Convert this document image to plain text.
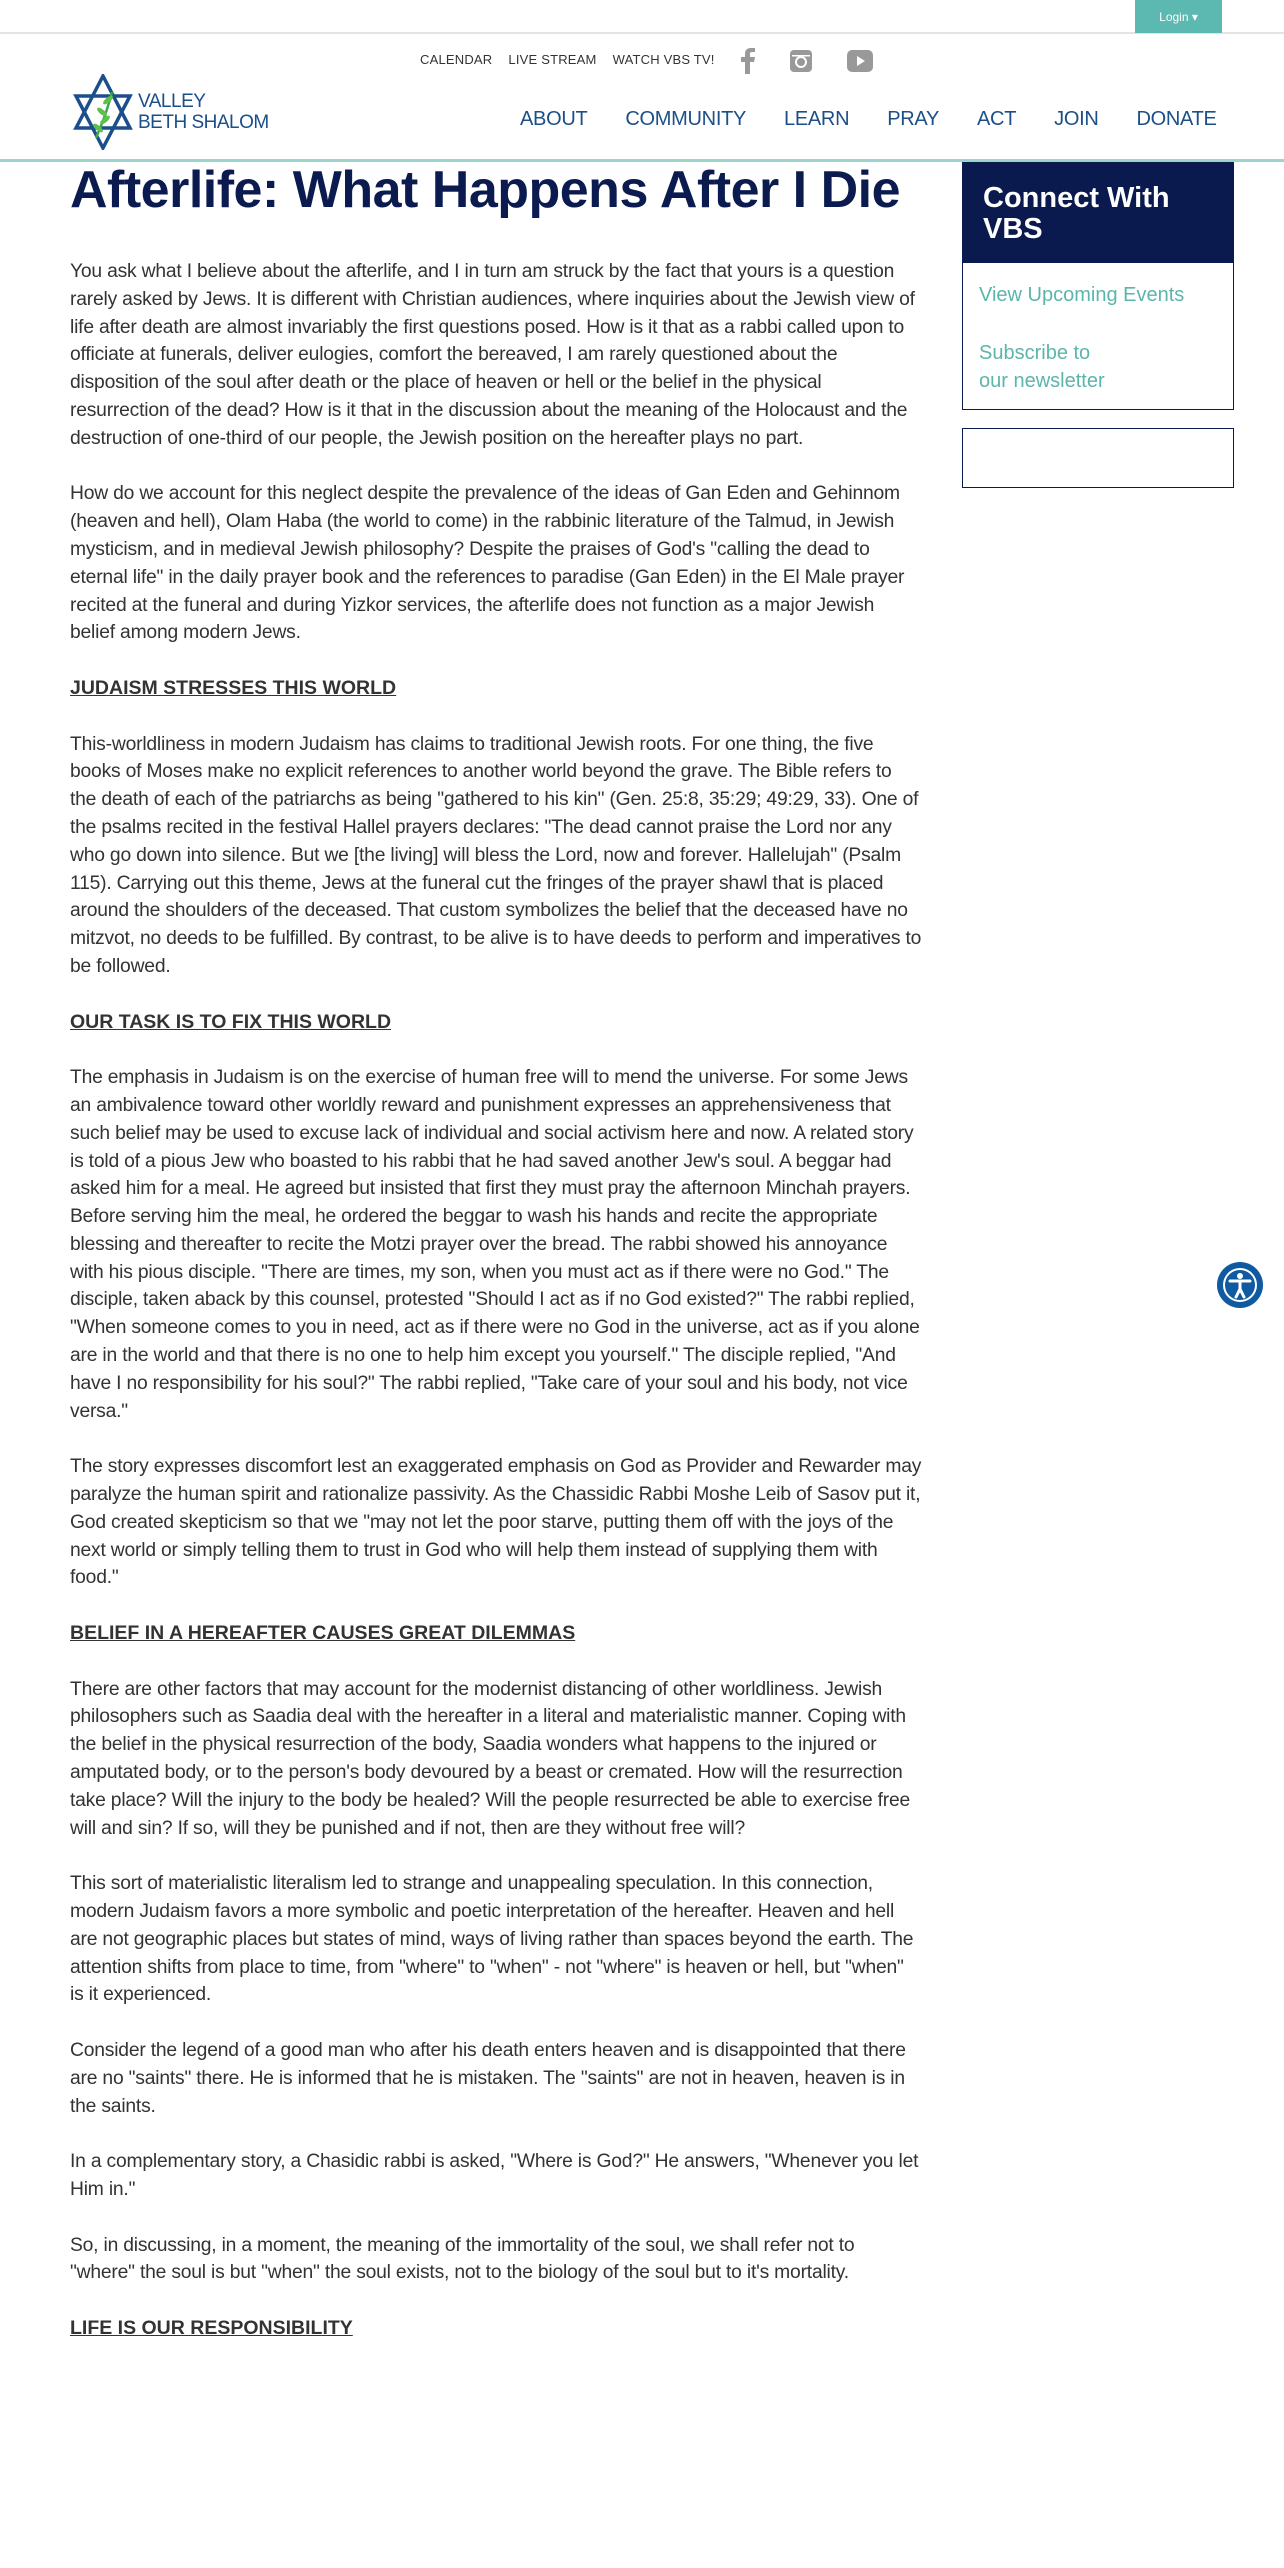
Login ▾
CALENDAR LIVE STREAM WATCH VBS TV!
VALLEY
BETH SHALOM	ABOUT COMMUNITY LEARN PRAY ACT JOIN DONATE
Afterlife: What Happens After I Die

You ask what I believe about the afterlife, and I in turn am struck by the fact that yours is a question rarely asked by Jews. It is different with Christian audiences, where inquiries about the Jewish view of life after death are almost invariably the first questions posed. How is it that as a rabbi called upon to officiate at funerals, deliver eulogies, comfort the bereaved, I am rarely questioned about the disposition of the soul after death or the place of heaven or hell or the belief in the physical resurrection of the dead? How is it that in the discussion about the meaning of the Holocaust and the destruction of one-third of our people, the Jewish position on the hereafter plays no part.

How do we account for this neglect despite the prevalence of the ideas of Gan Eden and Gehinnom (heaven and hell), Olam Haba (the world to come) in the rabbinic literature of the Talmud, in Jewish mysticism, and in medieval Jewish philosophy? Despite the praises of God's "calling the dead to eternal life" in the daily prayer book and the references to paradise (Gan Eden) in the El Male prayer recited at the funeral and during Yizkor services, the afterlife does not function as a major Jewish belief among modern Jews.

JUDAISM STRESSES THIS WORLD

This-worldliness in modern Judaism has claims to traditional Jewish roots. For one thing, the five books of Moses make no explicit references to another world beyond the grave. The Bible refers to the death of each of the patriarchs as being "gathered to his kin" (Gen. 25:8, 35:29; 49:29, 33). One of the psalms recited in the festival Hallel prayers declares: "The dead cannot praise the Lord nor any who go down into silence. But we [the living] will bless the Lord, now and forever. Hallelujah" (Psalm 115). Carrying out this theme, Jews at the funeral cut the fringes of the prayer shawl that is placed around the shoulders of the deceased. That custom symbolizes the belief that the deceased have no mitzvot, no deeds to be fulfilled. By contrast, to be alive is to have deeds to perform and imperatives to be followed.

OUR TASK IS TO FIX THIS WORLD

The emphasis in Judaism is on the exercise of human free will to mend the universe. For some Jews an ambivalence toward other worldly reward and punishment expresses an apprehensiveness that such belief may be used to excuse lack of individual and social activism here and now. A related story is told of a pious Jew who boasted to his rabbi that he had saved another Jew's soul. A beggar had asked him for a meal. He agreed but insisted that first they must pray the afternoon Minchah prayers. Before serving him the meal, he ordered the beggar to wash his hands and recite the appropriate blessing and thereafter to recite the Motzi prayer over the bread. The rabbi showed his annoyance with his pious disciple. "There are times, my son, when you must act as if there were no God." The disciple, taken aback by this counsel, protested "Should I act as if no God existed?" The rabbi replied, "When someone comes to you in need, act as if there were no God in the universe, act as if you alone are in the world and that there is no one to help him except you yourself." The disciple replied, "And have I no responsibility for his soul?" The rabbi replied, "Take care of your soul and his body, not vice versa."

The story expresses discomfort lest an exaggerated emphasis on God as Provider and Rewarder may paralyze the human spirit and rationalize passivity. As the Chassidic Rabbi Moshe Leib of Sasov put it, God created skepticism so that we "may not let the poor starve, putting them off with the joys of the next world or simply telling them to trust in God who will help them instead of supplying them with food."

BELIEF IN A HEREAFTER CAUSES GREAT DILEMMAS

There are other factors that may account for the modernist distancing of other worldliness. Jewish philosophers such as Saadia deal with the hereafter in a literal and materialistic manner. Coping with the belief in the physical resurrection of the body, Saadia wonders what happens to the injured or amputated body, or to the person's body devoured by a beast or cremated. How will the resurrection take place? Will the injury to the body be healed? Will the people resurrected be able to exercise free will and sin? If so, will they be punished and if not, then are they without free will?

This sort of materialistic literalism led to strange and unappealing speculation. In this connection, modern Judaism favors a more symbolic and poetic interpretation of the hereafter. Heaven and hell are not geographic places but states of mind, ways of living rather than spaces beyond the earth. The attention shifts from place to time, from "where" to "when" - not "where" is heaven or hell, but "when" is it experienced.

Consider the legend of a good man who after his death enters heaven and is disappointed that there are no "saints" there. He is informed that he is mistaken. The "saints" are not in heaven, heaven is in the saints.

In a complementary story, a Chasidic rabbi is asked, "Where is God?" He answers, "Whenever you let Him in."

So, in discussing, in a moment, the meaning of the immortality of the soul, we shall refer not to "where" the soul is but "when" the soul exists, not to the biology of the soul but to it's mortality.

LIFE IS OUR RESPONSIBILITY
Connect With VBS
View Upcoming Events
Subscribe to
our newsletter
